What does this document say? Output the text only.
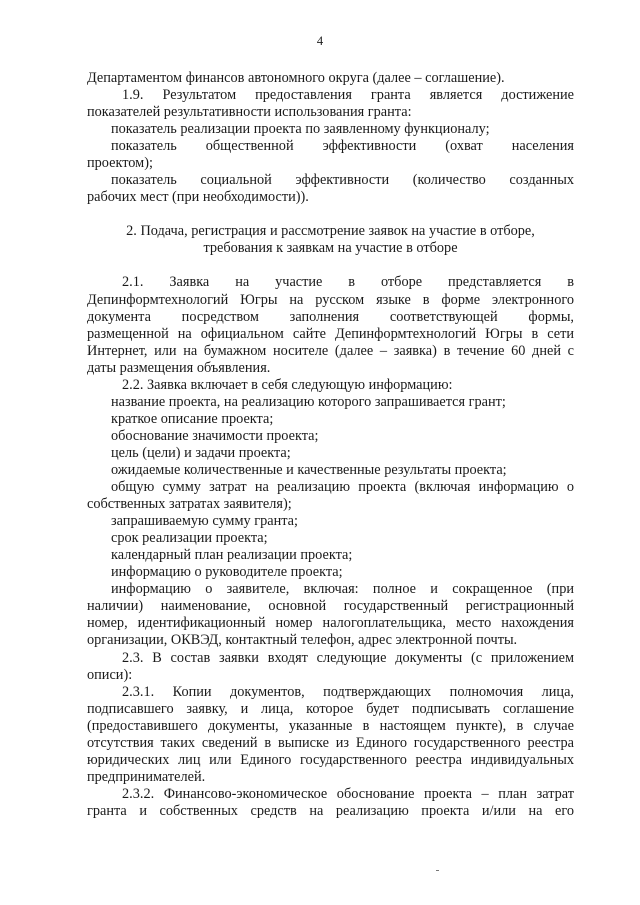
4
Департаментом финансов автономного округа (далее – соглашение).
1.9. Результатом предоставления гранта является достижение
показателей результативности использования гранта:
показатель реализации проекта по заявленному функционалу;
показатель общественной эффективности (охват населения
проектом);
показатель социальной эффективности (количество созданных
рабочих мест (при необходимости)).
2. Подача, регистрация и рассмотрение заявок на участие в отборе,
требования к заявкам на участие в отборе
2.1. Заявка на участие в отборе представляется в
Депинформтехнологий Югры на русском языке в форме электронного
документа посредством заполнения соответствующей формы,
размещенной на официальном сайте Депинформтехнологий Югры в сети
Интернет, или на бумажном носителе (далее – заявка) в течение 60 дней с
даты размещения объявления.
2.2. Заявка включает в себя следующую информацию:
название проекта, на реализацию которого запрашивается грант;
краткое описание проекта;
обоснование значимости проекта;
цель (цели) и задачи проекта;
ожидаемые количественные и качественные результаты проекта;
общую сумму затрат на реализацию проекта (включая информацию о
собственных затратах заявителя);
запрашиваемую сумму гранта;
срок реализации проекта;
календарный план реализации проекта;
информацию о руководителе проекта;
информацию о заявителе, включая: полное и сокращенное (при
наличии) наименование, основной государственный регистрационный
номер, идентификационный номер налогоплательщика, место нахождения
организации, ОКВЭД, контактный телефон, адрес электронной почты.
2.3. В состав заявки входят следующие документы (с приложением
описи):
2.3.1. Копии документов, подтверждающих полномочия лица,
подписавшего заявку, и лица, которое будет подписывать соглашение
(предоставившего документы, указанные в настоящем пункте), в случае
отсутствия таких сведений в выписке из Единого государственного реестра
юридических лиц или Единого государственного реестра индивидуальных
предпринимателей.
2.3.2. Финансово-экономическое обоснование проекта – план затрат
гранта и собственных средств на реализацию проекта и/или на его
